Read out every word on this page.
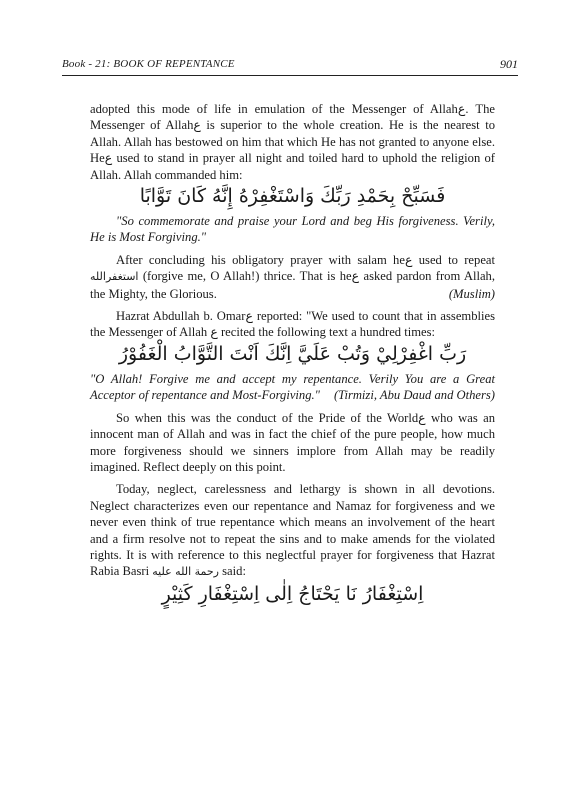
Book - 21: BOOK OF REPENTANCE	901

adopted this mode of life in emulation of the Messenger of Allahع. The Messenger of Allahع is superior to the whole creation. He is the nearest to Allah. Allah has bestowed on him that which He has not granted to anyone else. Heع used to stand in prayer all night and toiled hard to uphold the religion of Allah. Allah commanded him:

فَسَبِّحْ بِحَمْدِ رَبِّكَ وَاسْتَغْفِرْهُ إِنَّهُ كَانَ تَوَّابًا

"So commemorate and praise your Lord and beg His forgiveness. Verily, He is Most Forgiving."

After concluding his obligatory prayer with salam heع used to repeat استغفرالله (forgive me, O Allah!) thrice. That is heع asked pardon from Allah, the Mighty, the Glorious.	(Muslim)

Hazrat Abdullah b. Omarع reported: "We used to count that in assemblies the Messenger of Allah ع recited the following text a hundred times:

رَبِّ اغْفِرْلِيْ وَتُبْ عَلَيَّ اِنَّكَ اَنْتَ التَّوَّابُ الْغَفُوْرُ

"O Allah! Forgive me and accept my repentance. Verily You are a Great Acceptor of repentance and Most-Forgiving." (Tirmizi, Abu Daud and Others)

So when this was the conduct of the Pride of the Worldع who was an innocent man of Allah and was in fact the chief of the pure people, how much more forgiveness should we sinners implore from Allah may be readily imagined. Reflect deeply on this point.

Today, neglect, carelessness and lethargy is shown in all devotions. Neglect characterizes even our repentance and Namaz for forgiveness and we never even think of true repentance which means an involvement of the heart and a firm resolve not to repeat the sins and to make amends for the violated rights. It is with reference to this neglectful prayer for forgiveness that Hazrat Rabia Basri رحمة الله عليه said:

اِسْتِغْفَارُ نَا يَحْتَاجُ اِلٰى اِسْتِغْفَارِ كَثِيْرٍ
